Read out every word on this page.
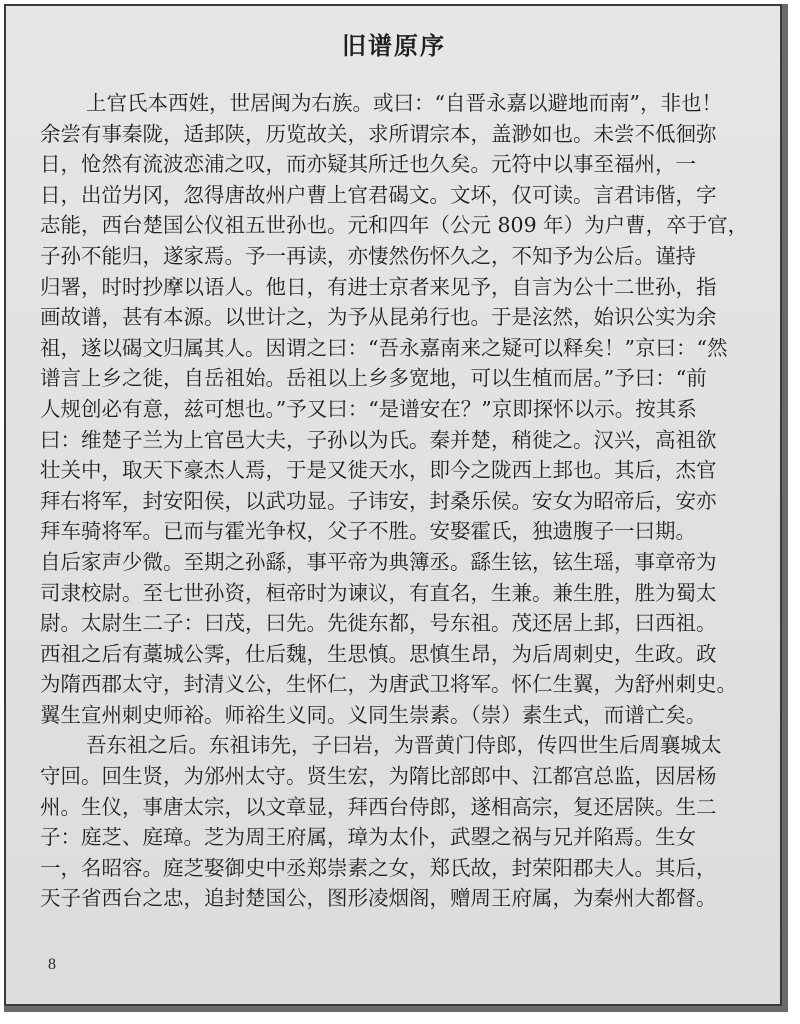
旧谱原序
上官氏本西姓，世居闽为右族。或曰：“自晋永嘉以避地而南”，非也！
余尝有事秦陇，适邽陕，历览故关，求所谓宗本，盖渺如也。未尝不低徊弥
日，怆然有流波恋浦之叹，而亦疑其所迁也久矣。元符中以事至福州，一
日，出峃屴冈，忽得唐故州户曹上官君碣文。文坏，仅可读。言君讳偕，字
志能，西台楚国公仪祖五世孙也。元和四年（公元 809 年）为户曹，卒于官，
子孙不能归，遂家焉。予一再读，亦悽然伤怀久之，不知予为公后。谨持
归署，时时抄摩以语人。他日，有进士京者来见予，自言为公十二世孙，指
画故谱，甚有本源。以世计之，为予从昆弟行也。于是泫然，始识公实为余
祖，遂以碣文归属其人。因谓之曰：“吾永嘉南来之疑可以释矣！”京曰：“然
谱言上乡之徙，自岳祖始。岳祖以上乡多宽地，可以生植而居。”予曰：“前
人规创必有意，兹可想也。”予又曰：“是谱安在？”京即探怀以示。按其系
曰：维楚子兰为上官邑大夫，子孙以为氏。秦并楚，稍徙之。汉兴，高祖欲
壮关中，取天下豪杰人焉，于是又徙天水，即今之陇西上邽也。其后，杰官
拜右将军，封安阳侯，以武功显。子讳安，封桑乐侯。安女为昭帝后，安亦
拜车骑将军。已而与霍光争权，父子不胜。安娶霍氏，独遗腹子一曰期。
自后家声少微。至期之孙繇，事平帝为典簿丞。繇生铉，铉生瑶，事章帝为
司隶校尉。至七世孙资，桓帝时为谏议，有直名，生兼。兼生胜，胜为蜀太
尉。太尉生二子：曰茂，曰先。先徙东都，号东祖。茂还居上邽，曰西祖。
西祖之后有藁城公霁，仕后魏，生思慎。思慎生昂，为后周刺史，生政。政
为隋西郡太守，封清义公，生怀仁，为唐武卫将军。怀仁生翼，为舒州刺史。
翼生宣州刺史师裕。师裕生义同。义同生崇素。（崇）素生式，而谱亡矣。
吾东祖之后。东祖讳先，子曰岩，为晋黄门侍郎，传四世生后周襄城太
守回。回生贤，为邠州太守。贤生宏，为隋比部郎中、江都宫总监，因居杨
州。生仪，事唐太宗，以文章显，拜西台侍郎，遂相高宗，复还居陕。生二
子：庭芝、庭璋。芝为周王府属，璋为太仆，武曌之祸与兄并陷焉。生女
一，名昭容。庭芝娶御史中丞郑崇素之女，郑氏故，封荣阳郡夫人。其后，
天子省西台之忠，追封楚国公，图形凌烟阁，赠周王府属，为秦州大都督。
8
